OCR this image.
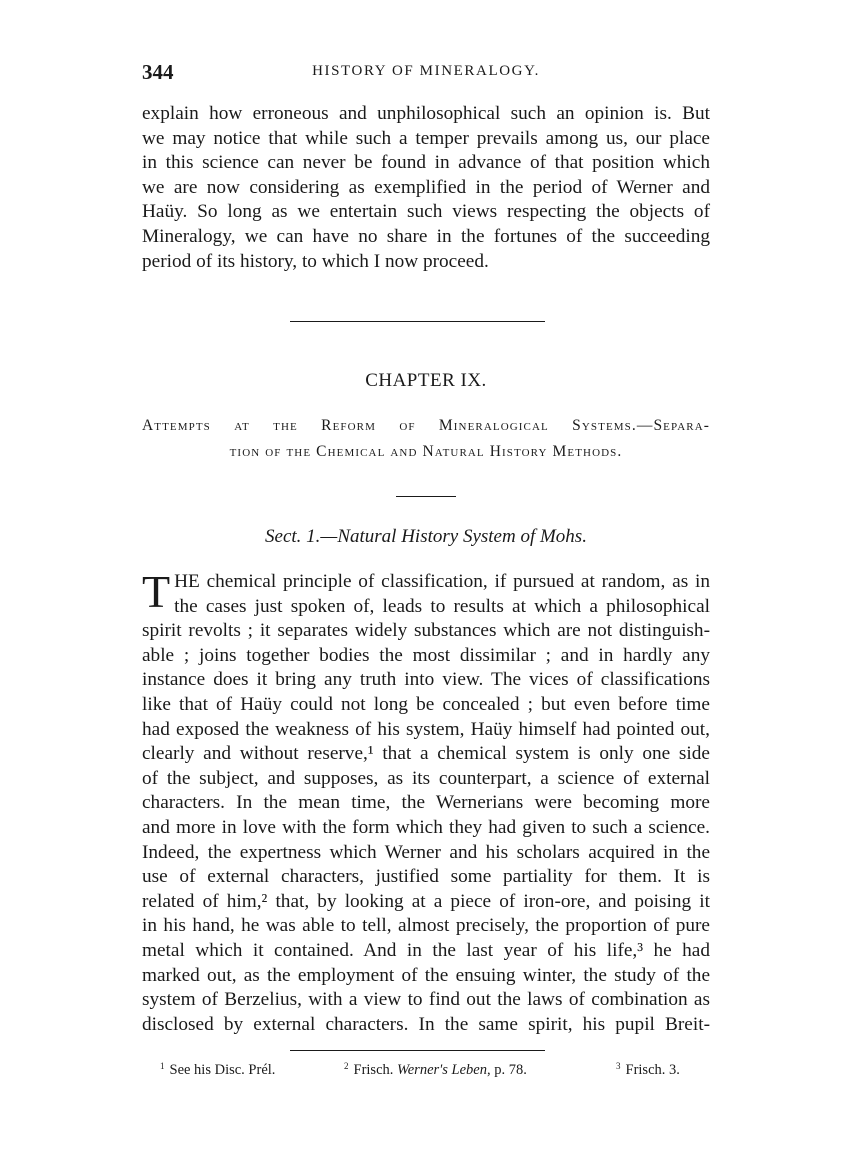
344	HISTORY OF MINERALOGY.
explain how erroneous and unphilosophical such an opinion is. But
we may notice that while such a temper prevails among us, our place
in this science can never be found in advance of that position which
we are now considering as exemplified in the period of Werner and
Haüy. So long as we entertain such views respecting the objects of
Mineralogy, we can have no share in the fortunes of the succeeding
period of its history, to which I now proceed.
CHAPTER IX.
Attempts at the Reform of Mineralogical Systems.—Separa-
tion of the Chemical and Natural History Methods.
Sect. 1.—Natural History System of Mohs.
T HE chemical principle of classification, if pursued at random, as in
the cases just spoken of, leads to results at which a philosophical
spirit revolts ; it separates widely substances which are not distinguish-
able ; joins together bodies the most dissimilar ; and in hardly any
instance does it bring any truth into view. The vices of classifications
like that of Haüy could not long be concealed ; but even before time
had exposed the weakness of his system, Haüy himself had pointed out,
clearly and without reserve,¹ that a chemical system is only one side
of the subject, and supposes, as its counterpart, a science of external
characters. In the mean time, the Wernerians were becoming more
and more in love with the form which they had given to such a science.
Indeed, the expertness which Werner and his scholars acquired in the
use of external characters, justified some partiality for them. It is
related of him,² that, by looking at a piece of iron-ore, and poising it
in his hand, he was able to tell, almost precisely, the proportion of pure
metal which it contained. And in the last year of his life,³ he had
marked out, as the employment of the ensuing winter, the study of the
system of Berzelius, with a view to find out the laws of combination as
disclosed by external characters. In the same spirit, his pupil Breit-
$^1$ See his Disc. Prél.	$^2$ Frisch. Werner's Leben, p. 78.	$^3$ Frisch. 3.
